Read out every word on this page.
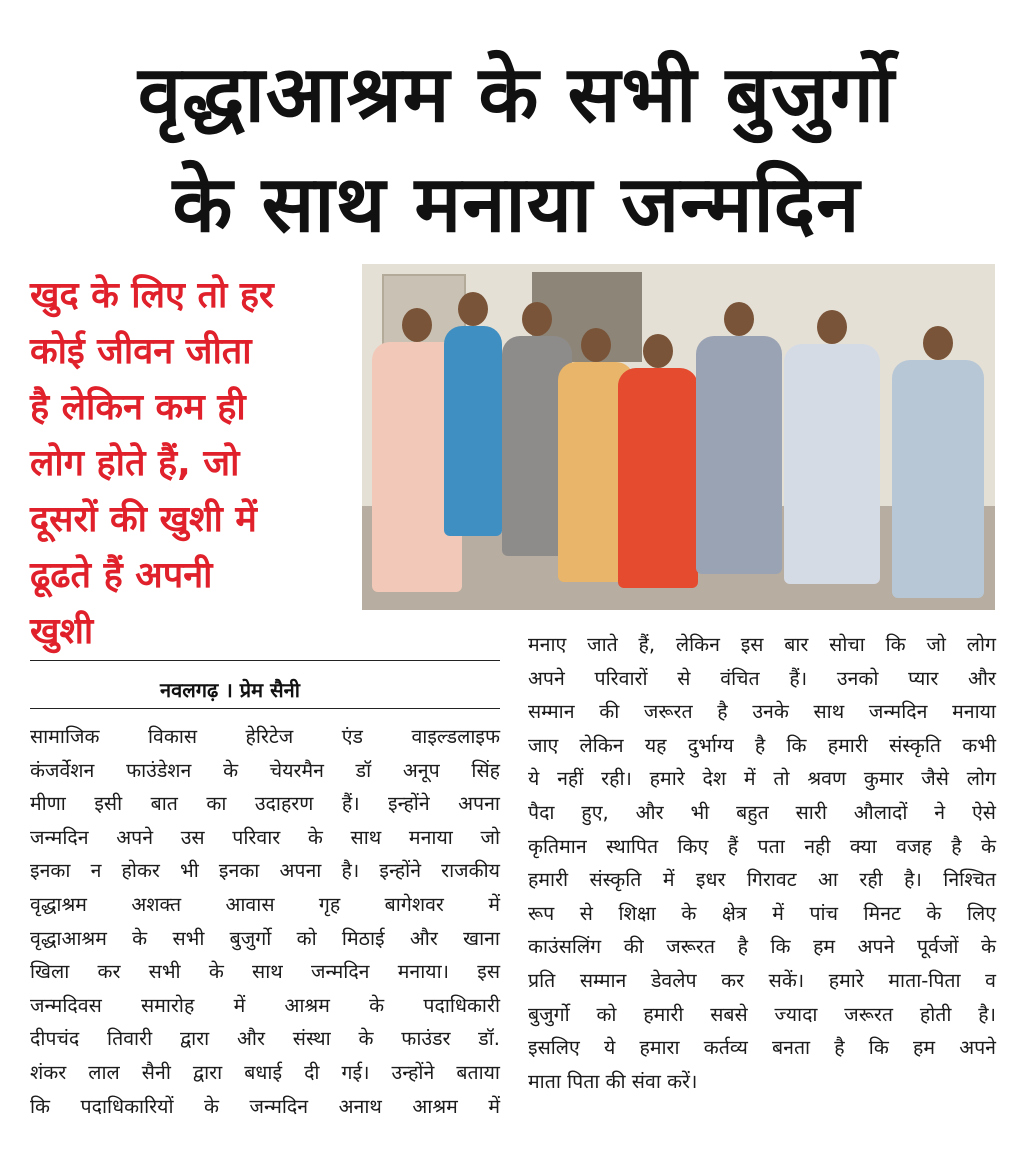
वृद्धाआश्रम के सभी बुजुर्गो
के साथ मनाया जन्मदिन
खुद के लिए तो हर
कोई जीवन जीता
है लेकिन कम ही
लोग होते हैं, जो
दूसरों की खुशी में
ढूढते हैं अपनी
खुशी
नवलगढ़ । प्रेम सैनी
सामाजिक विकास हेरिटेज एंड वाइल्डलाइफ
कंजर्वेशन फाउंडेशन के चेयरमैन डॉ अनूप सिंह
मीणा इसी बात का उदाहरण हैं। इन्होंने अपना
जन्मदिन अपने उस परिवार के साथ मनाया जो
इनका न होकर भी इनका अपना है। इन्होंने राजकीय
वृद्धाश्रम अशक्त आवास गृह बागेशवर में
वृद्धाआश्रम के सभी बुजुर्गो को मिठाई और खाना
खिला कर सभी के साथ जन्मदिन मनाया। इस
जन्मदिवस समारोह में आश्रम के पदाधिकारी
दीपचंद तिवारी द्वारा और संस्था के फाउंडर डॉ.
शंकर लाल सैनी द्वारा बधाई दी गई। उन्होंने बताया
कि पदाधिकारियों के जन्मदिन अनाथ आश्रम में
मनाए जाते हैं, लेकिन इस बार सोचा कि जो लोग
अपने परिवारों से वंचित हैं। उनको प्यार और
सम्मान की जरूरत है उनके साथ जन्मदिन मनाया
जाए लेकिन यह दुर्भाग्य है कि हमारी संस्कृति कभी
ये नहीं रही। हमारे देश में तो श्रवण कुमार जैसे लोग
पैदा हुए, और भी बहुत सारी औलादों ने ऐसे
कृतिमान स्थापित किए हैं पता नही क्या वजह है के
हमारी संस्कृति में इधर गिरावट आ रही है। निश्चित
रूप से शिक्षा के क्षेत्र में पांच मिनट के लिए
काउंसलिंग की जरूरत है कि हम अपने पूर्वजों के
प्रति सम्मान डेवलेप कर सकें। हमारे माता-पिता व
बुजुर्गो को हमारी सबसे ज्यादा जरूरत होती है।
इसलिए ये हमारा कर्तव्य बनता है कि हम अपने
माता पिता की संवा करें।
